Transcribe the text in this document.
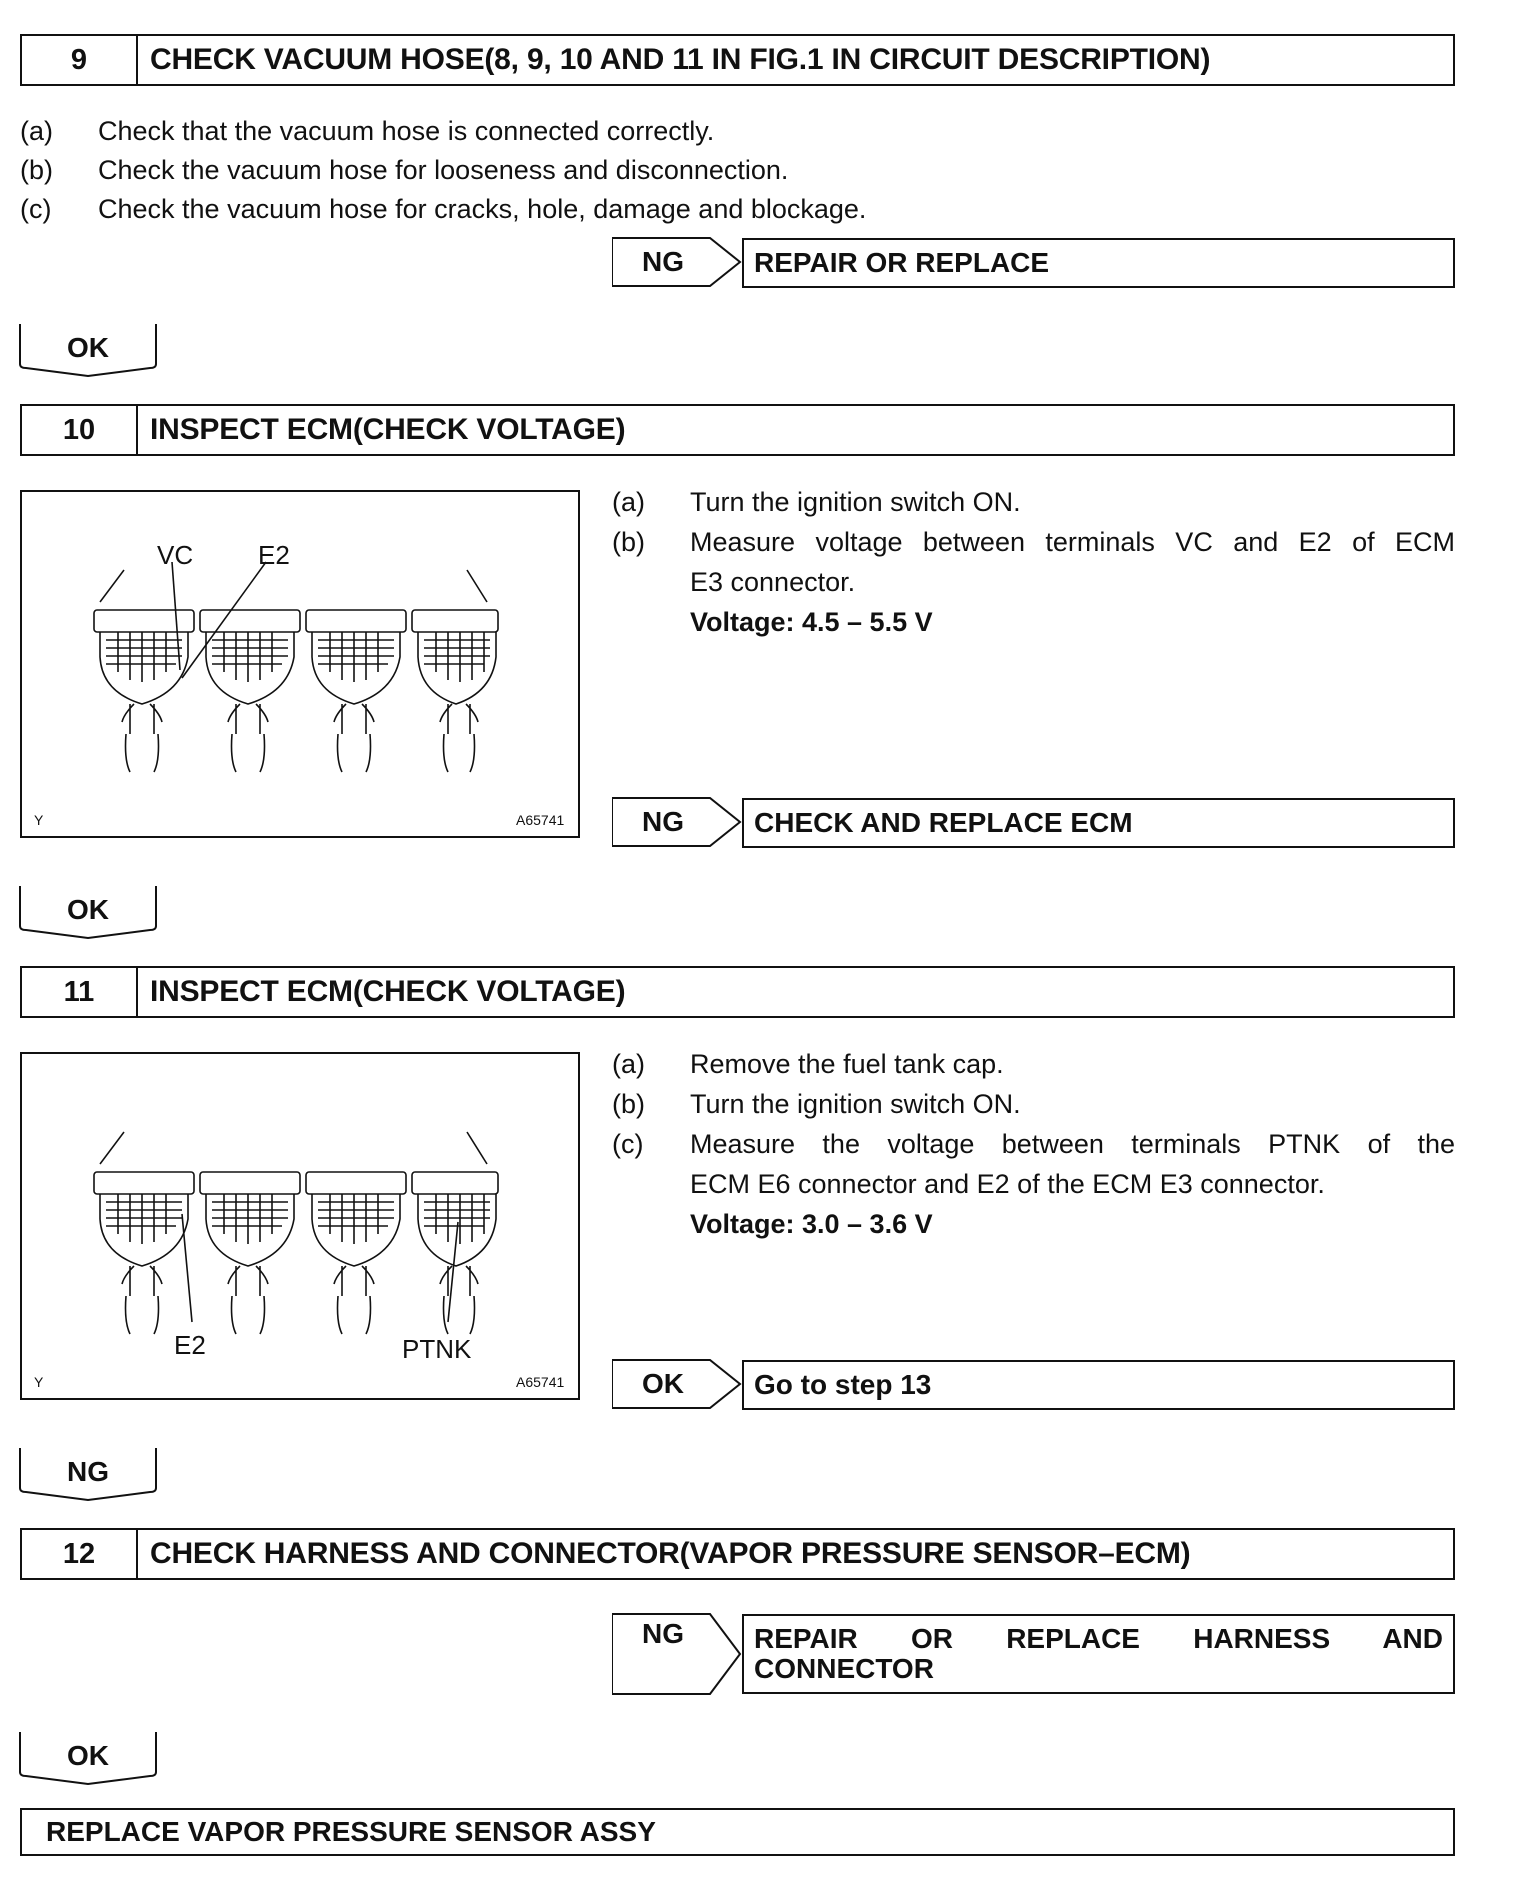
9	CHECK VACUUM HOSE(8, 9, 10 AND 11 IN FIG.1 IN CIRCUIT DESCRIPTION)
(a) Check that the vacuum hose is connected correctly.
(b) Check the vacuum hose for looseness and disconnection.
(c) Check the vacuum hose for cracks, hole, damage and blockage.
NG	REPAIR OR REPLACE
OK
10	INSPECT ECM(CHECK VOLTAGE)
VC E2
Y	A65741
(a)	Turn the ignition switch ON.
(b)	Measure voltage between terminals VC and E2 of ECM
E3 connector.
Voltage: 4.5 – 5.5 V
NG	CHECK AND REPLACE ECM
OK
11	INSPECT ECM(CHECK VOLTAGE)
E2	PTNK
Y	A65741
(a)	Remove the fuel tank cap.
(b)	Turn the ignition switch ON.
(c)	Measure the voltage between terminals PTNK of the
ECM E6 connector and E2 of the ECM E3 connector.
Voltage: 3.0 – 3.6 V
OK	Go to step 13
NG
12	CHECK HARNESS AND CONNECTOR(VAPOR PRESSURE SENSOR–ECM)
NG	REPAIR OR REPLACE HARNESS AND
CONNECTOR
OK
REPLACE VAPOR PRESSURE SENSOR ASSY
